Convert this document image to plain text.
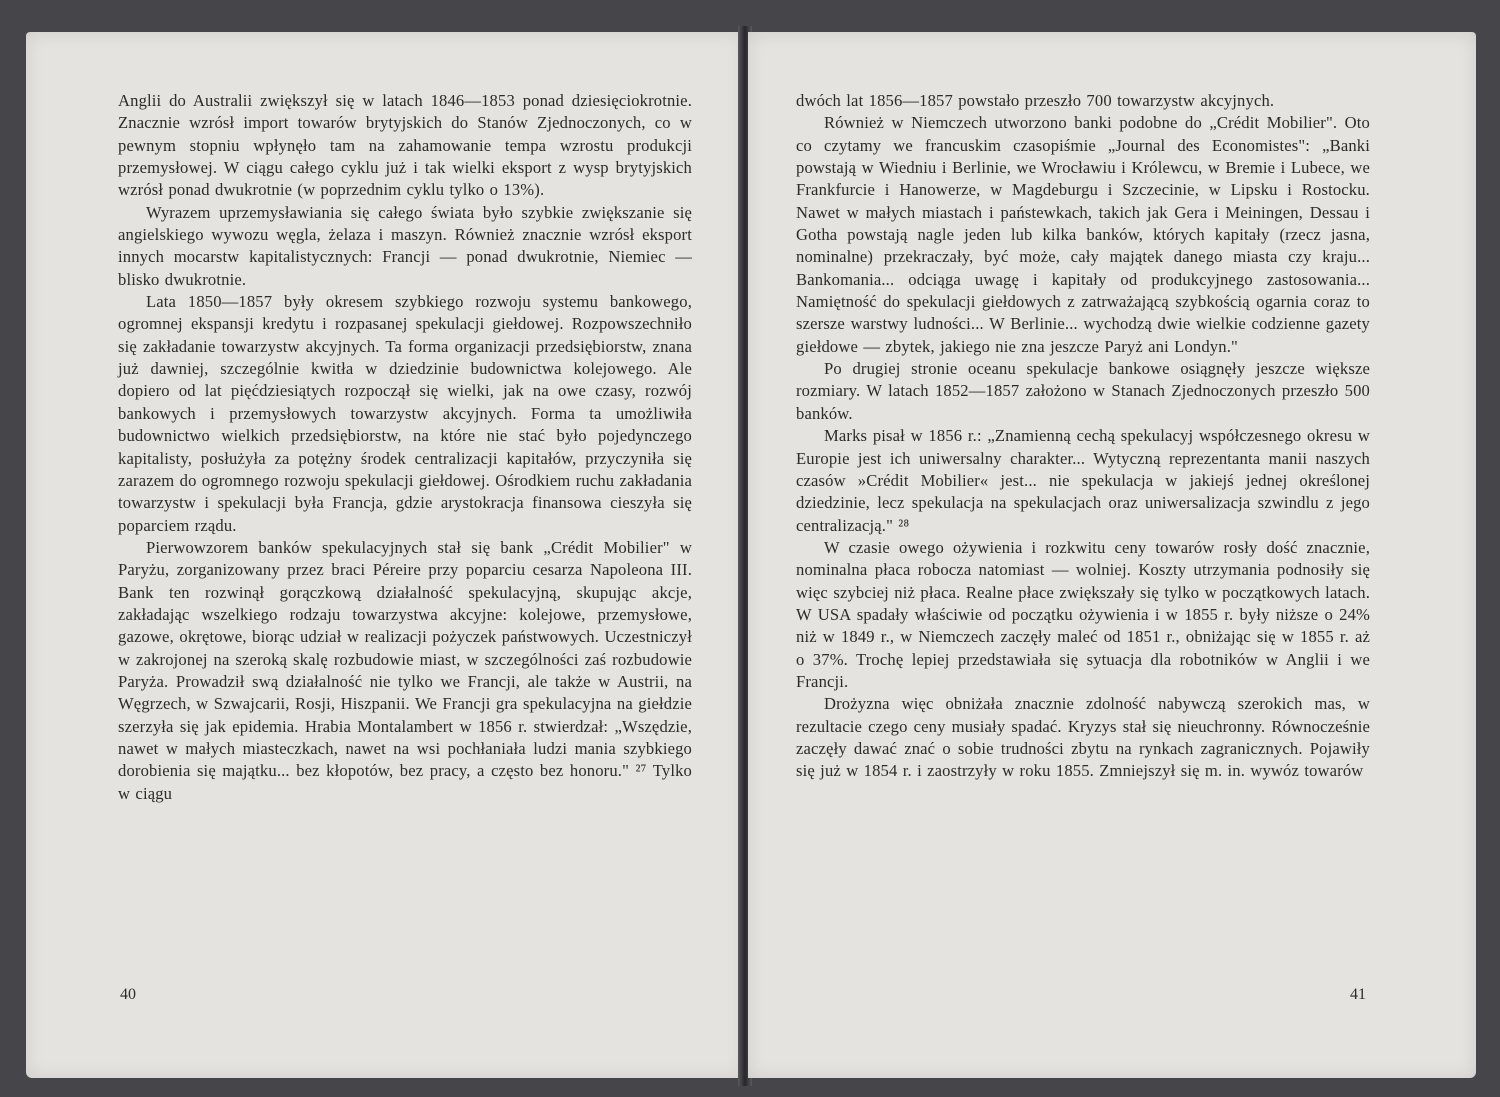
Anglii do Australii zwiększył się w latach 1846—1853 ponad dziesięciokrotnie. Znacznie wzrósł import towarów brytyjskich do Stanów Zjednoczonych, co w pewnym stopniu wpłynęło tam na zahamowanie tempa wzrostu produkcji przemysłowej. W ciągu całego cyklu już i tak wielki eksport z wysp brytyjskich wzrósł ponad dwukrotnie (w poprzednim cyklu tylko o 13%).

Wyrazem uprzemysławiania się całego świata było szybkie zwiększanie się angielskiego wywozu węgla, żelaza i maszyn. Również znacznie wzrósł eksport innych mocarstw kapitalistycznych: Francji — ponad dwukrotnie, Niemiec — blisko dwukrotnie.

Lata 1850—1857 były okresem szybkiego rozwoju systemu bankowego, ogromnej ekspansji kredytu i rozpasanej spekulacji giełdowej. Rozpowszechniło się zakładanie towarzystw akcyjnych. Ta forma organizacji przedsiębiorstw, znana już dawniej, szczególnie kwitła w dziedzinie budownictwa kolejowego. Ale dopiero od lat pięćdziesiątych rozpoczął się wielki, jak na owe czasy, rozwój bankowych i przemysłowych towarzystw akcyjnych. Forma ta umożliwiła budownictwo wielkich przedsiębiorstw, na które nie stać było pojedynczego kapitalisty, posłużyła za potężny środek centralizacji kapitałów, przyczyniła się zarazem do ogromnego rozwoju spekulacji giełdowej. Ośrodkiem ruchu zakładania towarzystw i spekulacji była Francja, gdzie arystokracja finansowa cieszyła się poparciem rządu.

Pierwowzorem banków spekulacyjnych stał się bank „Crédit Mobilier" w Paryżu, zorganizowany przez braci Péreire przy poparciu cesarza Napoleona III. Bank ten rozwinął gorączkową działalność spekulacyjną, skupując akcje, zakładając wszelkiego rodzaju towarzystwa akcyjne: kolejowe, przemysłowe, gazowe, okrętowe, biorąc udział w realizacji pożyczek państwowych. Uczestniczył w zakrojonej na szeroką skalę rozbudowie miast, w szczególności zaś rozbudowie Paryża. Prowadził swą działalność nie tylko we Francji, ale także w Austrii, na Węgrzech, w Szwajcarii, Rosji, Hiszpanii. We Francji gra spekulacyjna na giełdzie szerzyła się jak epidemia. Hrabia Montalambert w 1856 r. stwierdzał: „Wszędzie, nawet w małych miasteczkach, nawet na wsi pochłaniała ludzi mania szybkiego dorobienia się majątku... bez kłopotów, bez pracy, a często bez honoru." ²⁷ Tylko w ciągu

40

dwóch lat 1856—1857 powstało przeszło 700 towarzystw akcyjnych.

Również w Niemczech utworzono banki podobne do „Crédit Mobilier". Oto co czytamy we francuskim czasopiśmie „Journal des Economistes": „Banki powstają w Wiedniu i Berlinie, we Wrocławiu i Królewcu, w Bremie i Lubece, we Frankfurcie i Hanowerze, w Magdeburgu i Szczecinie, w Lipsku i Rostocku. Nawet w małych miastach i państewkach, takich jak Gera i Meiningen, Dessau i Gotha powstają nagle jeden lub kilka banków, których kapitały (rzecz jasna, nominalne) przekraczały, być może, cały majątek danego miasta czy kraju... Bankomania... odciąga uwagę i kapitały od produkcyjnego zastosowania... Namiętność do spekulacji giełdowych z zatrważającą szybkością ogarnia coraz to szersze warstwy ludności... W Berlinie... wychodzą dwie wielkie codzienne gazety giełdowe — zbytek, jakiego nie zna jeszcze Paryż ani Londyn."

Po drugiej stronie oceanu spekulacje bankowe osiągnęły jeszcze większe rozmiary. W latach 1852—1857 założono w Stanach Zjednoczonych przeszło 500 banków.

Marks pisał w 1856 r.: „Znamienną cechą spekulacyj współczesnego okresu w Europie jest ich uniwersalny charakter... Wytyczną reprezentanta manii naszych czasów »Crédit Mobilier« jest... nie spekulacja w jakiejś jednej określonej dziedzinie, lecz spekulacja na spekulacjach oraz uniwersalizacja szwindlu z jego centralizacją." ²⁸

W czasie owego ożywienia i rozkwitu ceny towarów rosły dość znacznie, nominalna płaca robocza natomiast — wolniej. Koszty utrzymania podnosiły się więc szybciej niż płaca. Realne płace zwiększały się tylko w początkowych latach. W USA spadały właściwie od początku ożywienia i w 1855 r. były niższe o 24% niż w 1849 r., w Niemczech zaczęły maleć od 1851 r., obniżając się w 1855 r. aż o 37%. Trochę lepiej przedstawiała się sytuacja dla robotników w Anglii i we Francji.

Drożyzna więc obniżała znacznie zdolność nabywczą szerokich mas, w rezultacie czego ceny musiały spadać. Kryzys stał się nieuchronny. Równocześnie zaczęły dawać znać o sobie trudności zbytu na rynkach zagranicznych. Pojawiły się już w 1854 r. i zaostrzyły w roku 1855. Zmniejszył się m. in. wywóz towarów

41
